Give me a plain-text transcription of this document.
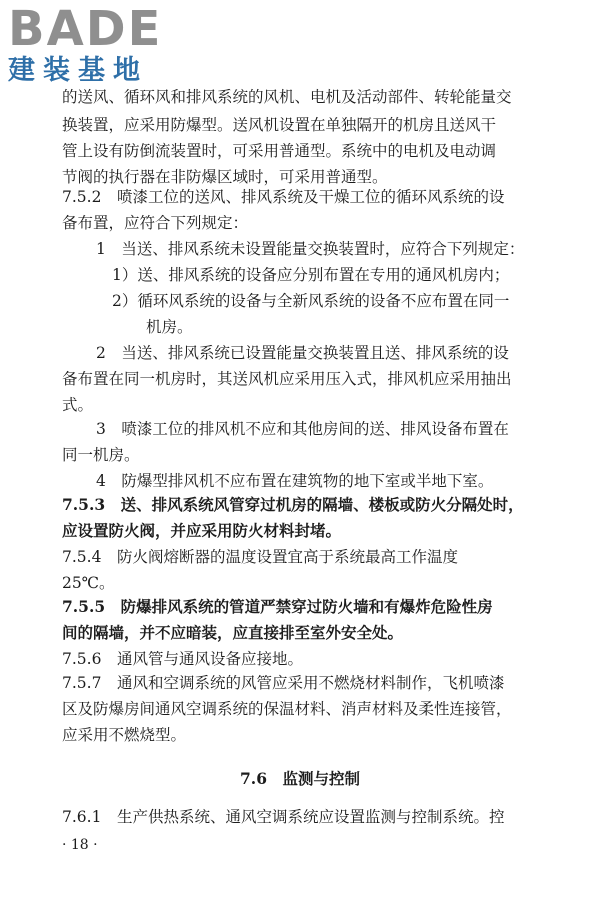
BADE
建装基地
的送风、循环风和排风系统的风机、电机及活动部件、转轮能量交
换装置，应采用防爆型。送风机设置在单独隔开的机房且送风干
管上设有防倒流装置时，可采用普通型。系统中的电机及电动调
节阀的执行器在非防爆区域时，可采用普通型。
7.5.2　喷漆工位的送风、排风系统及干燥工位的循环风系统的设
备布置，应符合下列规定：
1　当送、排风系统未设置能量交换装置时，应符合下列规定：
1）送、排风系统的设备应分别布置在专用的通风机房内；
2）循环风系统的设备与全新风系统的设备不应布置在同一
机房。
2　当送、排风系统已设置能量交换装置且送、排风系统的设
备布置在同一机房时，其送风机应采用压入式，排风机应采用抽出
式。
3　喷漆工位的排风机不应和其他房间的送、排风设备布置在
同一机房。
4　防爆型排风机不应布置在建筑物的地下室或半地下室。
7.5.3　送、排风系统风管穿过机房的隔墙、楼板或防火分隔处时，
应设置防火阀，并应采用防火材料封堵。
7.5.4　防火阀熔断器的温度设置宜高于系统最高工作温度
25℃。
7.5.5　防爆排风系统的管道严禁穿过防火墙和有爆炸危险性房
间的隔墙，并不应暗装，应直接排至室外安全处。
7.5.6　通风管与通风设备应接地。
7.5.7　通风和空调系统的风管应采用不燃烧材料制作，飞机喷漆
区及防爆房间通风空调系统的保温材料、消声材料及柔性连接管，
应采用不燃烧型。
7.6　监测与控制
7.6.1　生产供热系统、通风空调系统应设置监测与控制系统。控
· 18 ·
